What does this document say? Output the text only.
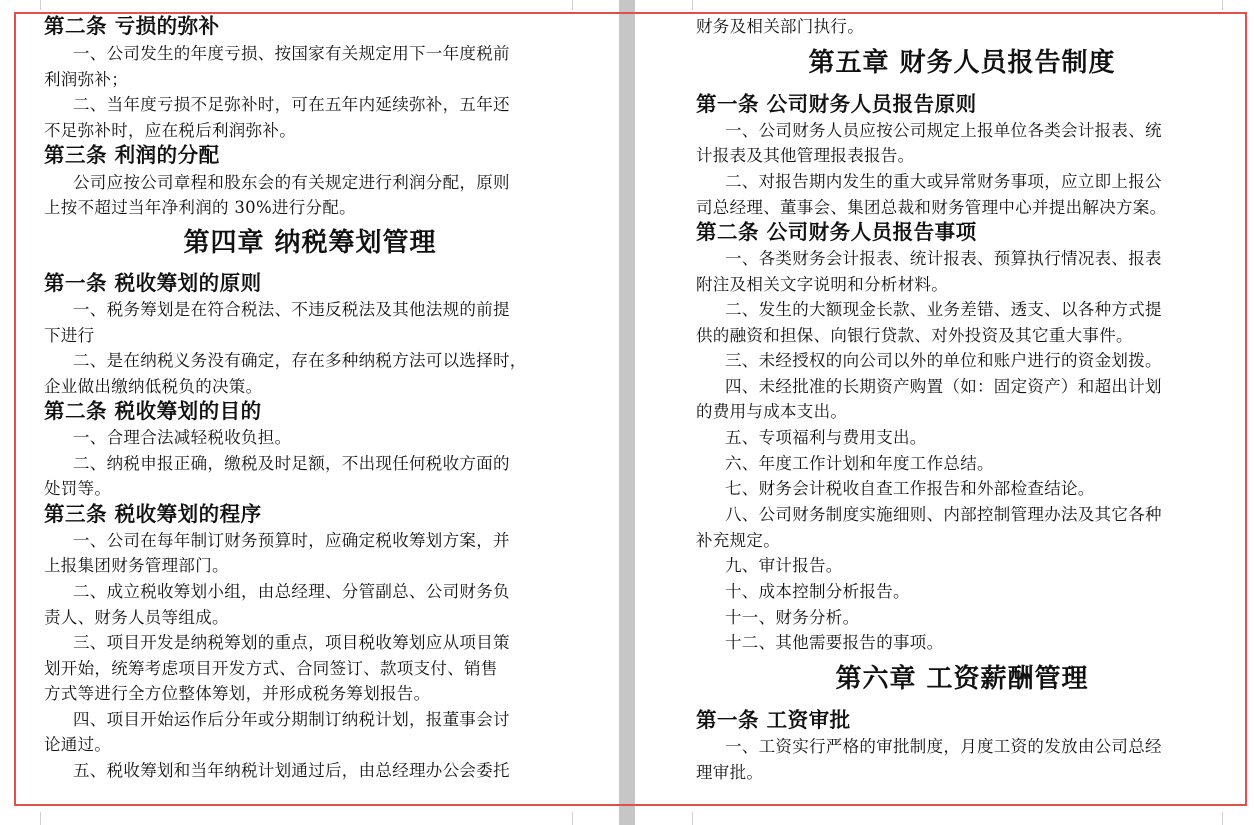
第二条 亏损的弥补
一、公司发生的年度亏损、按国家有关规定用下一年度税前
利润弥补；
二、当年度亏损不足弥补时，可在五年内延续弥补，五年还
不足弥补时，应在税后利润弥补。
第三条 利润的分配
公司应按公司章程和股东会的有关规定进行利润分配，原则
上按不超过当年净利润的 30%进行分配。
第四章 纳税筹划管理
第一条 税收筹划的原则
一、税务筹划是在符合税法、不违反税法及其他法规的前提
下进行
二、是在纳税义务没有确定，存在多种纳税方法可以选择时，
企业做出缴纳低税负的决策。
第二条 税收筹划的目的
一、合理合法减轻税收负担。
二、纳税申报正确，缴税及时足额，不出现任何税收方面的
处罚等。
第三条 税收筹划的程序
一、公司在每年制订财务预算时，应确定税收筹划方案，并
上报集团财务管理部门。
二、成立税收筹划小组，由总经理、分管副总、公司财务负
责人、财务人员等组成。
三、项目开发是纳税筹划的重点，项目税收筹划应从项目策
划开始，统筹考虑项目开发方式、合同签订、款项支付、销售
方式等进行全方位整体筹划，并形成税务筹划报告。
四、项目开始运作后分年或分期制订纳税计划，报董事会讨
论通过。
五、税收筹划和当年纳税计划通过后，由总经理办公会委托
财务及相关部门执行。
第五章 财务人员报告制度
第一条 公司财务人员报告原则
一、公司财务人员应按公司规定上报单位各类会计报表、统
计报表及其他管理报表报告。
二、对报告期内发生的重大或异常财务事项，应立即上报公
司总经理、董事会、集团总裁和财务管理中心并提出解决方案。
第二条 公司财务人员报告事项
一、各类财务会计报表、统计报表、预算执行情况表、报表
附注及相关文字说明和分析材料。
二、发生的大额现金长款、业务差错、透支、以各种方式提
供的融资和担保、向银行贷款、对外投资及其它重大事件。
三、未经授权的向公司以外的单位和账户进行的资金划拨。
四、未经批准的长期资产购置（如：固定资产）和超出计划
的费用与成本支出。
五、专项福利与费用支出。
六、年度工作计划和年度工作总结。
七、财务会计税收自查工作报告和外部检查结论。
八、公司财务制度实施细则、内部控制管理办法及其它各种
补充规定。
九、审计报告。
十、成本控制分析报告。
十一、财务分析。
十二、其他需要报告的事项。
第六章 工资薪酬管理
第一条 工资审批
一、工资实行严格的审批制度，月度工资的发放由公司总经
理审批。
